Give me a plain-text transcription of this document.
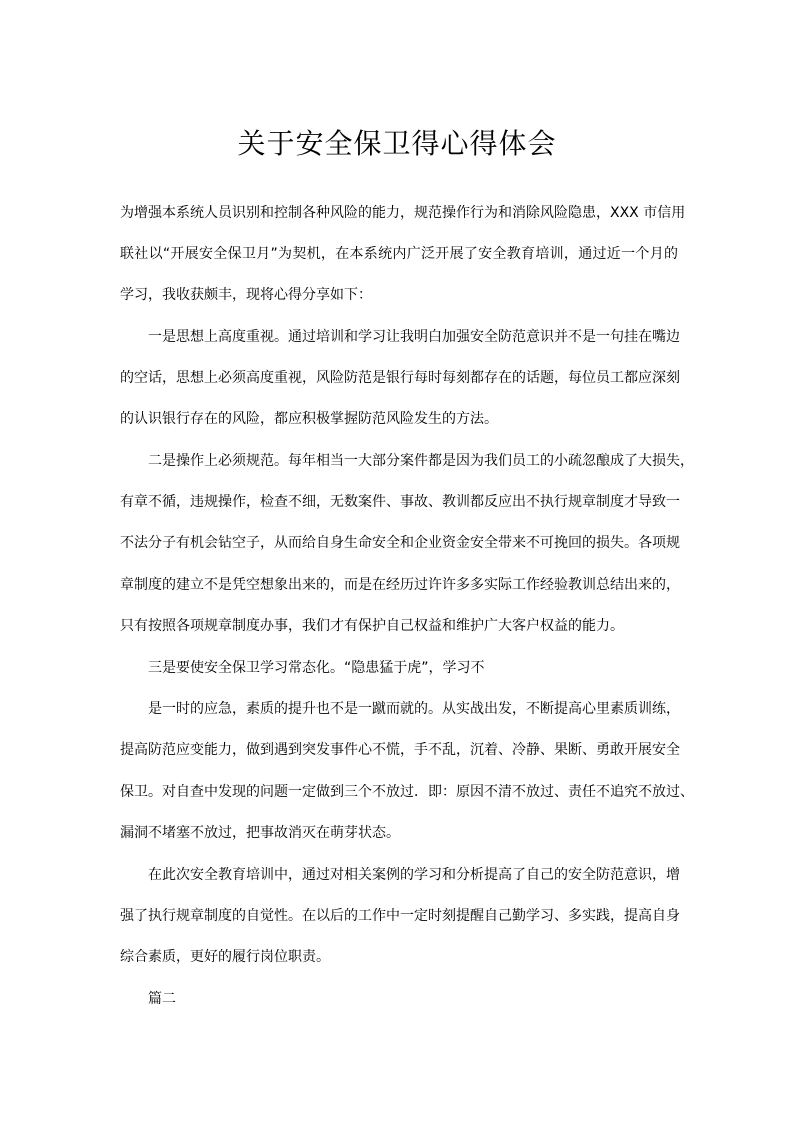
关于安全保卫得心得体会
为增强本系统人员识别和控制各种风险的能力，规范操作行为和消除风险隐患，XXX 市信用
联社以“开展安全保卫月”为契机，在本系统内广泛开展了安全教育培训，通过近一个月的
学习，我收获颇丰，现将心得分享如下：
一是思想上高度重视。通过培训和学习让我明白加强安全防范意识并不是一句挂在嘴边
的空话，思想上必须高度重视，风险防范是银行每时每刻都存在的话题，每位员工都应深刻
的认识银行存在的风险，都应积极掌握防范风险发生的方法。
二是操作上必须规范。每年相当一大部分案件都是因为我们员工的小疏忽酿成了大损失，
有章不循，违规操作，检查不细，无数案件、事故、教训都反应出不执行规章制度才导致一
不法分子有机会钻空子，从而给自身生命安全和企业资金安全带来不可挽回的损失。各项规
章制度的建立不是凭空想象出来的，而是在经历过许许多多实际工作经验教训总结出来的，
只有按照各项规章制度办事，我们才有保护自己权益和维护广大客户权益的能力。
三是要使安全保卫学习常态化。“隐患猛于虎”，学习不
是一时的应急，素质的提升也不是一蹴而就的。从实战出发，不断提高心里素质训练，
提高防范应变能力，做到遇到突发事件心不慌，手不乱，沉着、冷静、果断、勇敢开展安全
保卫。对自查中发现的问题一定做到三个不放过．即：原因不清不放过、责任不追究不放过、
漏洞不堵塞不放过，把事故消灭在萌芽状态。
在此次安全教育培训中，通过对相关案例的学习和分析提高了自己的安全防范意识，增
强了执行规章制度的自觉性。在以后的工作中一定时刻提醒自己勤学习、多实践，提高自身
综合素质，更好的履行岗位职责。
篇二
